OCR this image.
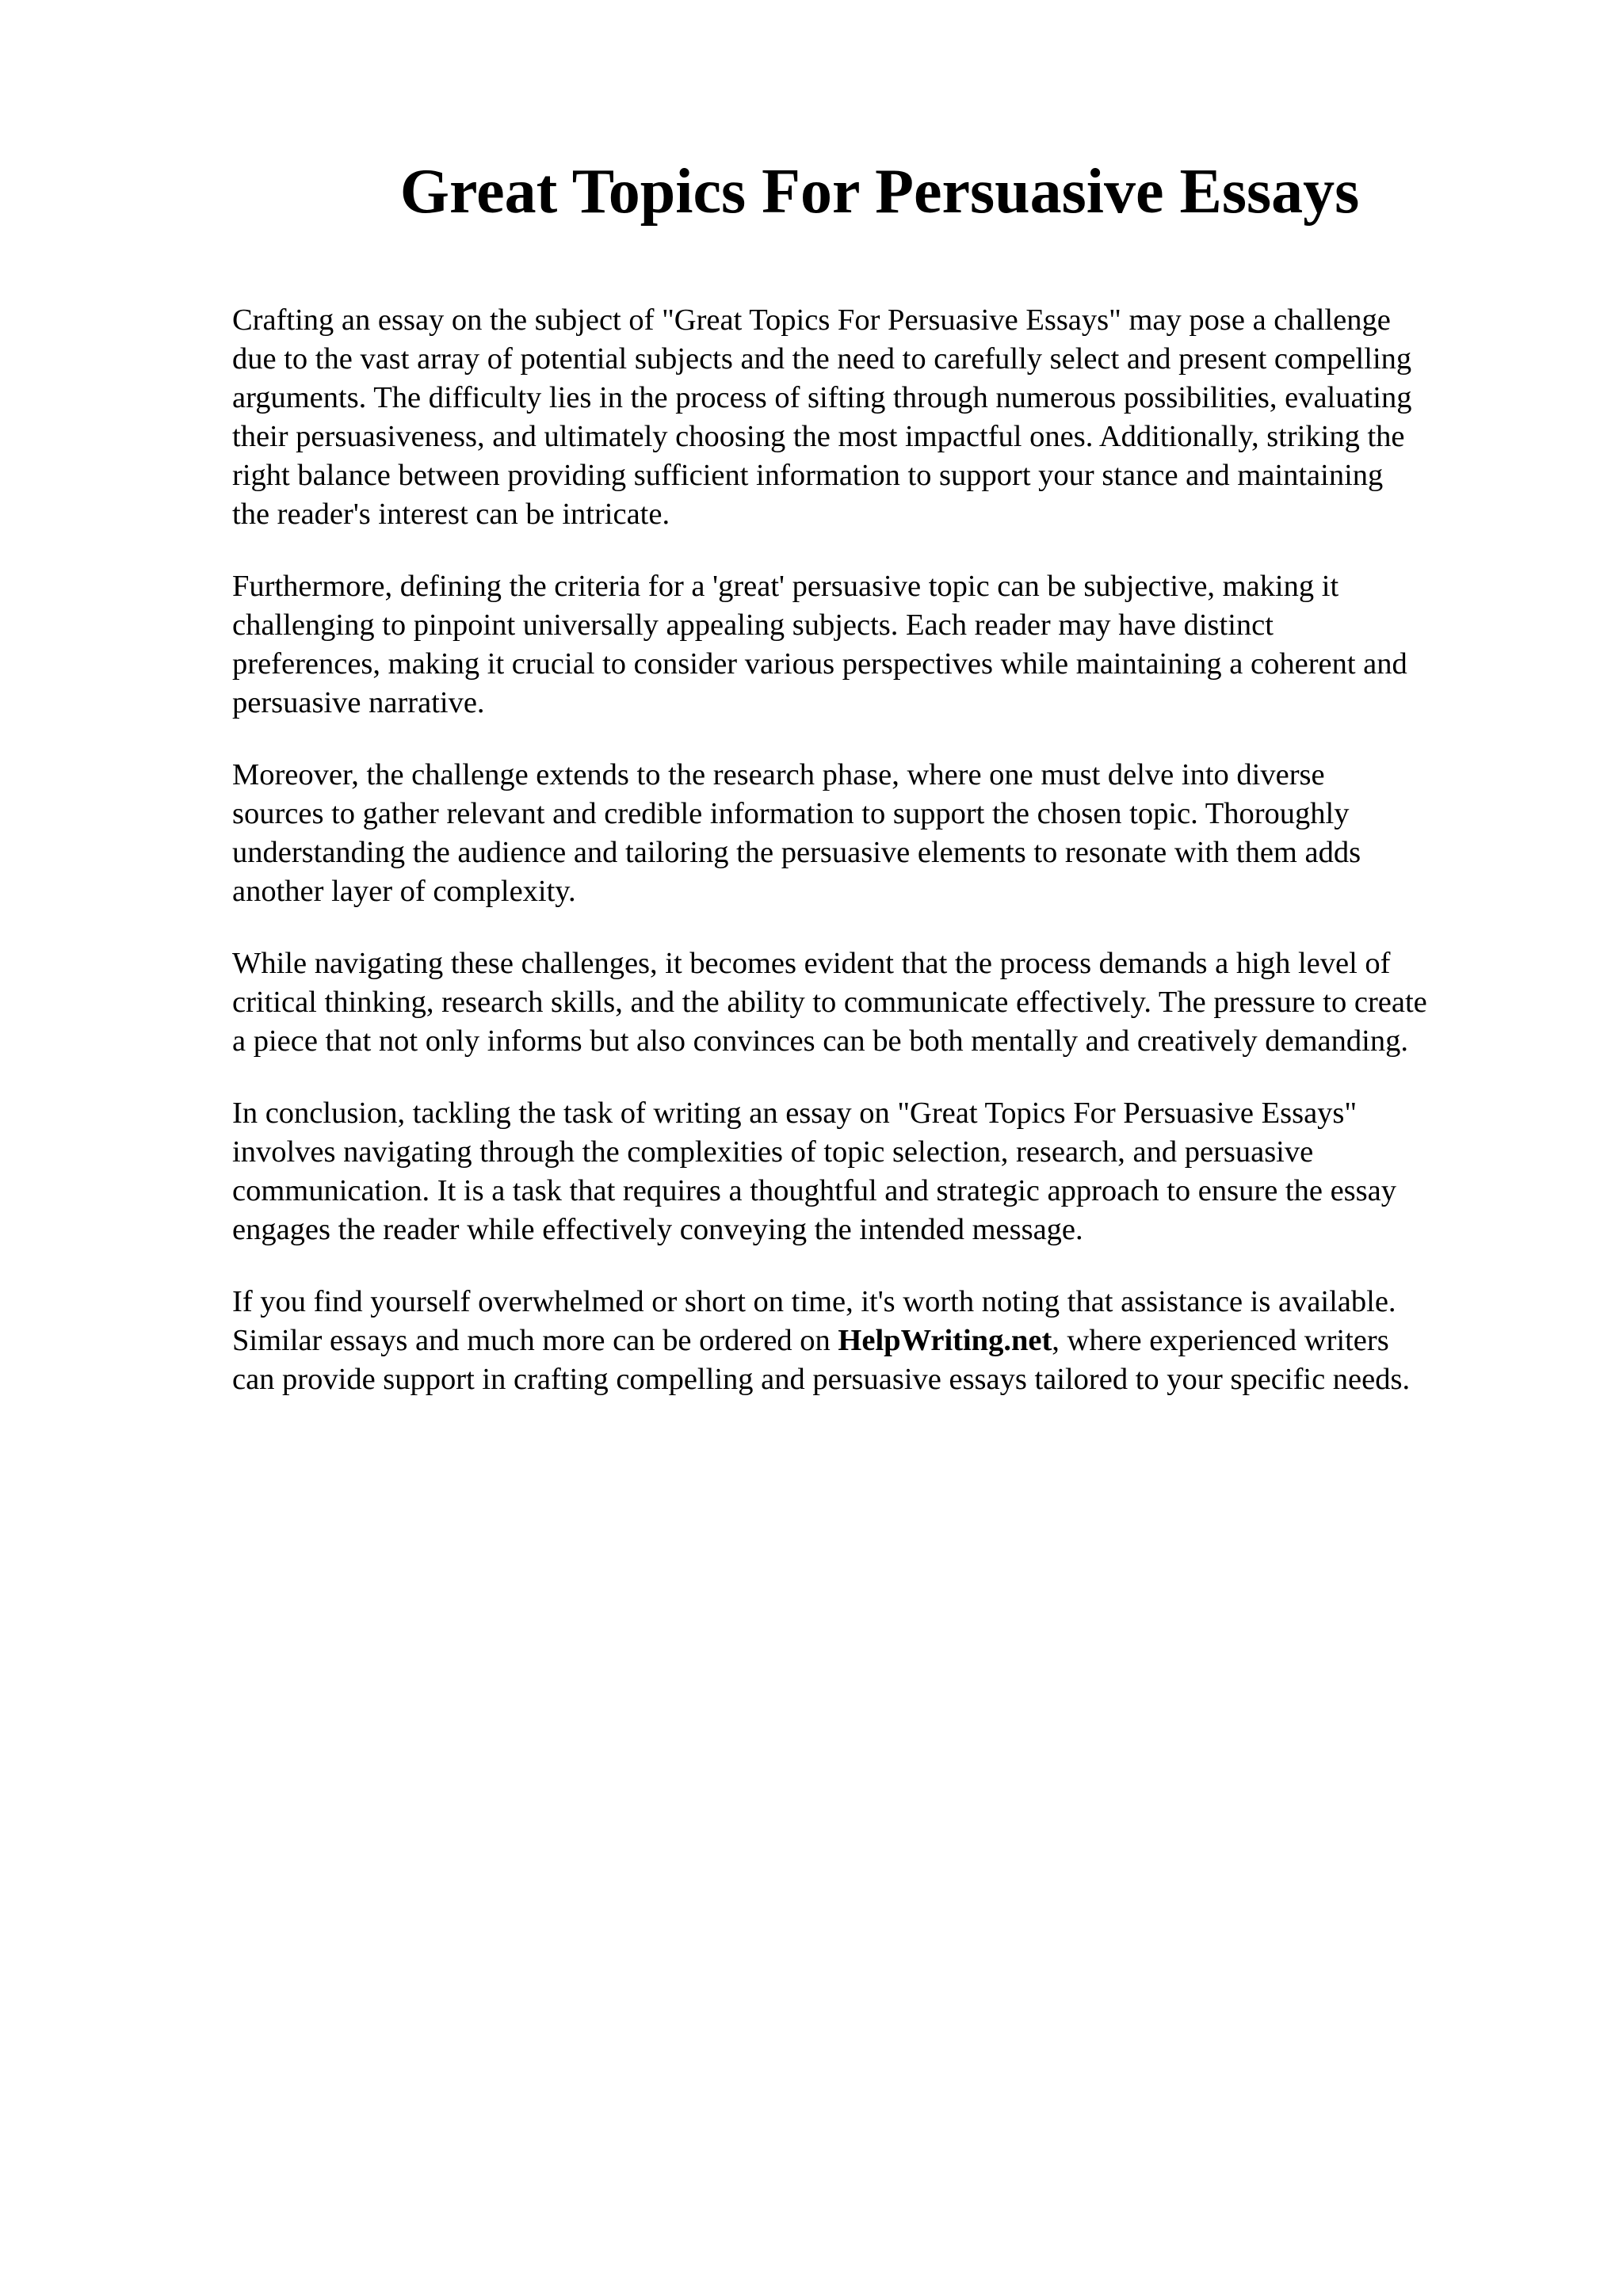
Great Topics For Persuasive Essays

Crafting an essay on the subject of "Great Topics For Persuasive Essays" may pose a challenge
due to the vast array of potential subjects and the need to carefully select and present compelling
arguments. The difficulty lies in the process of sifting through numerous possibilities, evaluating
their persuasiveness, and ultimately choosing the most impactful ones. Additionally, striking the
right balance between providing sufficient information to support your stance and maintaining
the reader's interest can be intricate.

Furthermore, defining the criteria for a 'great' persuasive topic can be subjective, making it
challenging to pinpoint universally appealing subjects. Each reader may have distinct
preferences, making it crucial to consider various perspectives while maintaining a coherent and
persuasive narrative.

Moreover, the challenge extends to the research phase, where one must delve into diverse
sources to gather relevant and credible information to support the chosen topic. Thoroughly
understanding the audience and tailoring the persuasive elements to resonate with them adds
another layer of complexity.

While navigating these challenges, it becomes evident that the process demands a high level of
critical thinking, research skills, and the ability to communicate effectively. The pressure to create
a piece that not only informs but also convinces can be both mentally and creatively demanding.

In conclusion, tackling the task of writing an essay on "Great Topics For Persuasive Essays"
involves navigating through the complexities of topic selection, research, and persuasive
communication. It is a task that requires a thoughtful and strategic approach to ensure the essay
engages the reader while effectively conveying the intended message.

If you find yourself overwhelmed or short on time, it's worth noting that assistance is available.
Similar essays and much more can be ordered on HelpWriting.net, where experienced writers
can provide support in crafting compelling and persuasive essays tailored to your specific needs.
